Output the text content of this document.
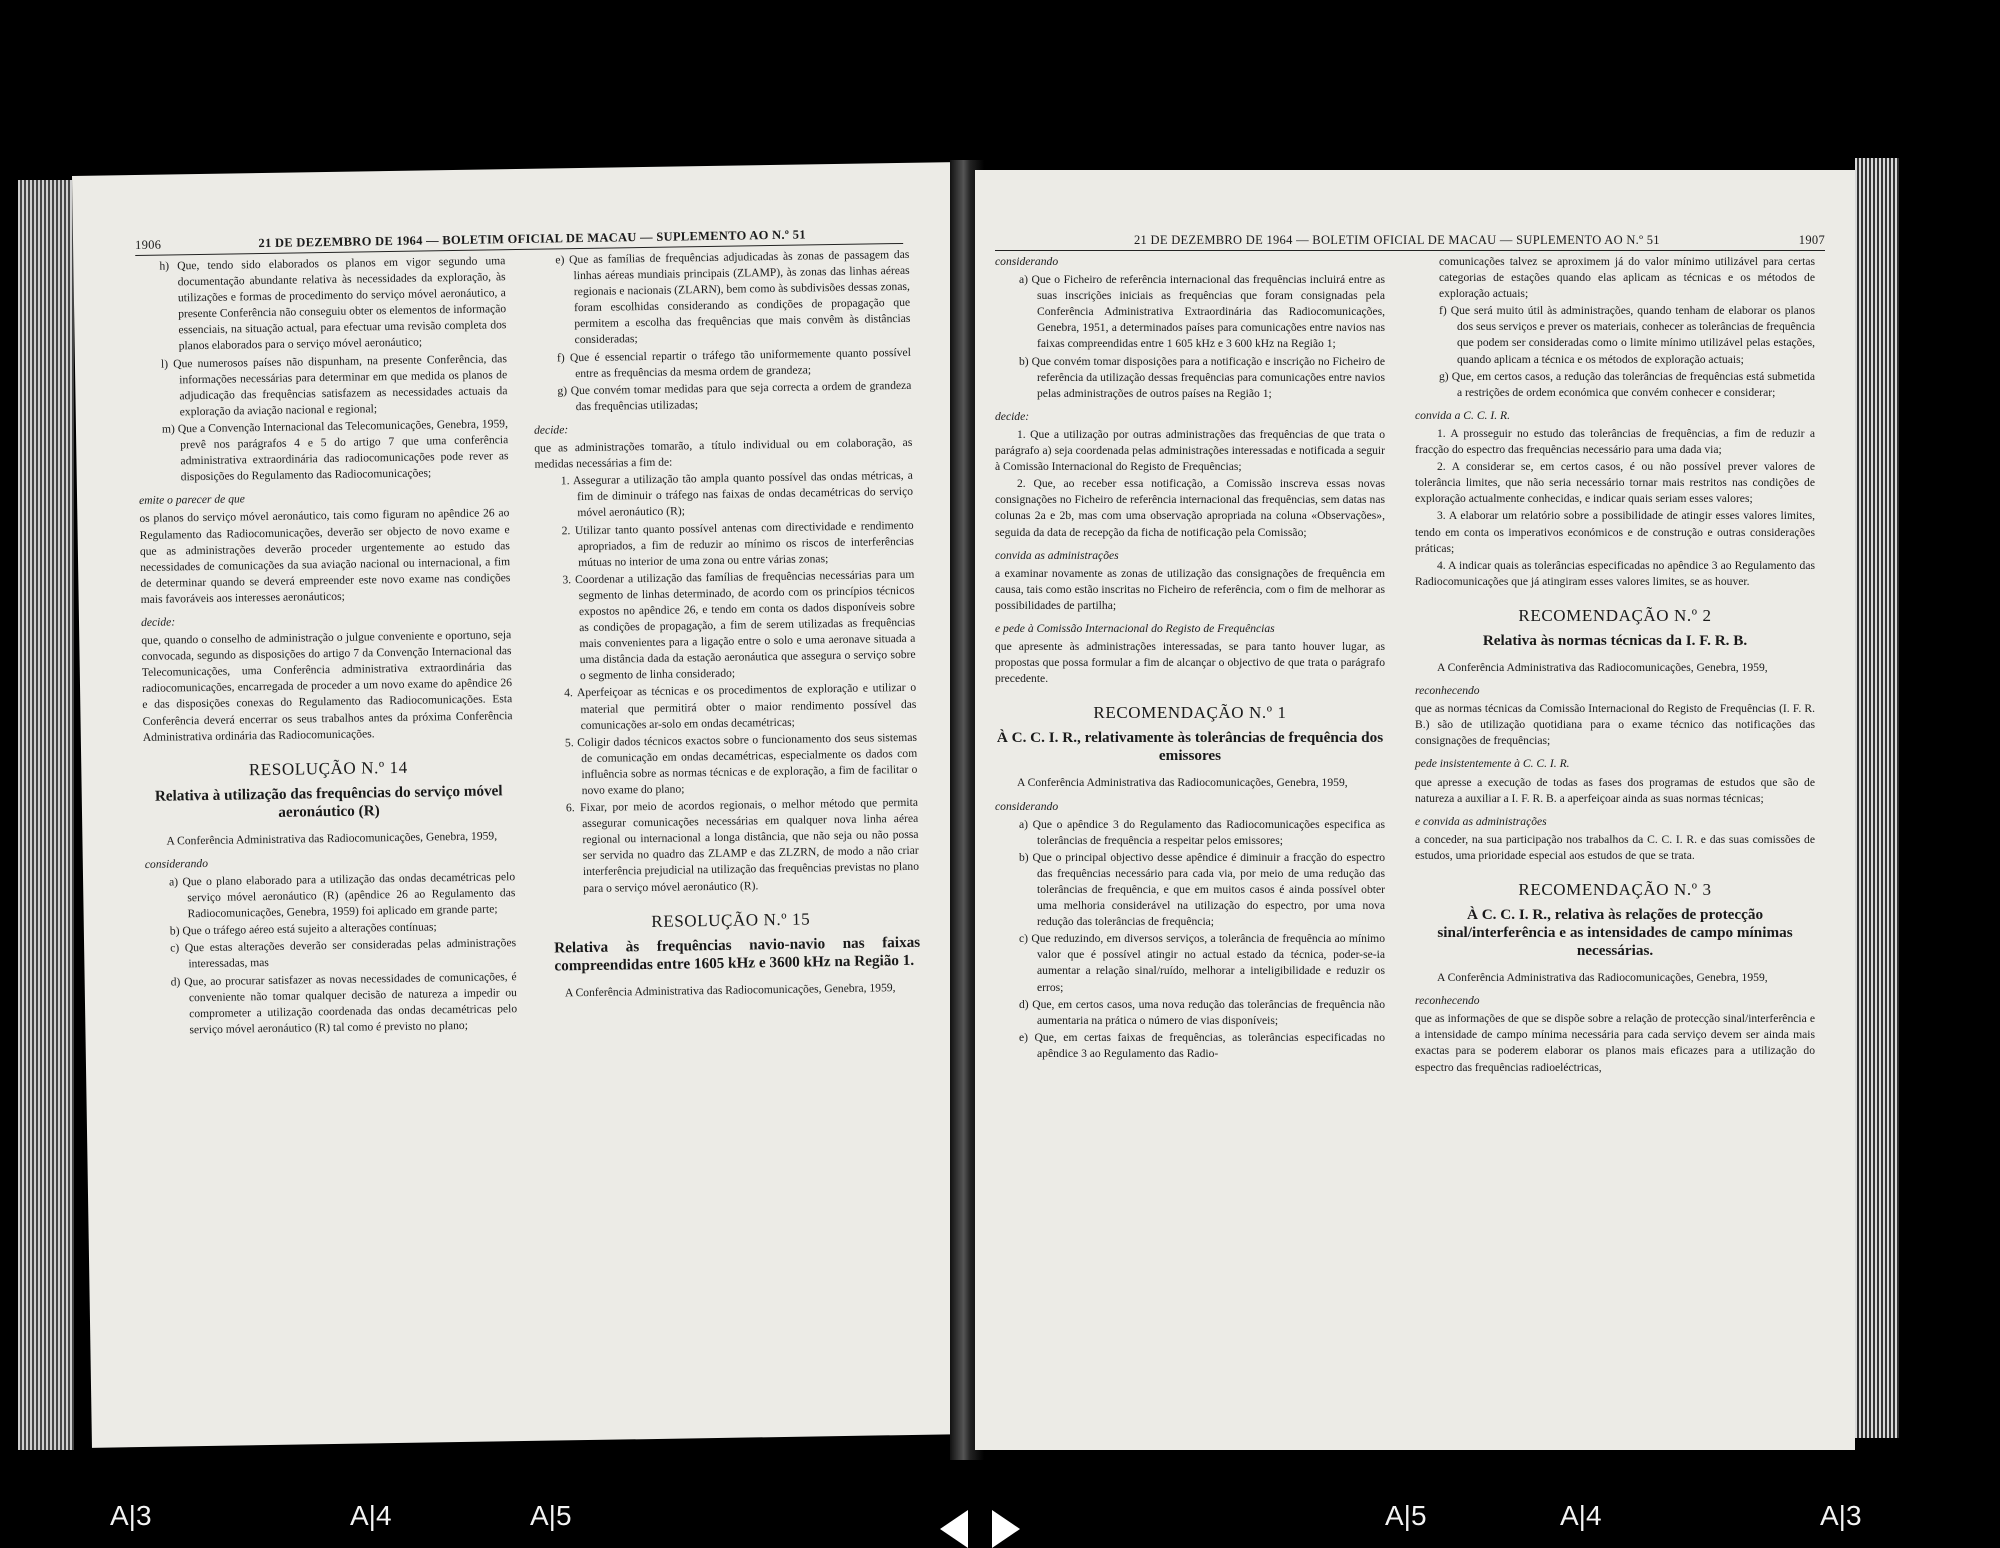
1906	21 DE DEZEMBRO DE 1964 — BOLETIM OFICIAL DE MACAU — SUPLEMENTO AO N.º 51

h) Que, tendo sido elaborados os planos em vigor segundo uma documentação abundante relativa às necessidades da exploração, às utilizações e formas de procedimento do serviço móvel aeronáutico, a presente Conferência não conseguiu obter os elementos de informação essenciais, na situação actual, para efectuar uma revisão completa dos planos elaborados para o serviço móvel aeronáutico;

l) Que numerosos países não dispunham, na presente Conferência, das informações necessárias para determinar em que medida os planos de adjudicação das frequências satisfazem as necessidades actuais da exploração da aviação nacional e regional;

m) Que a Convenção Internacional das Telecomunicações, Genebra, 1959, prevê nos parágrafos 4 e 5 do artigo 7 que uma conferência administrativa extraordinária das radiocomunicações pode rever as disposições do Regulamento das Radiocomunicações;

emite o parecer de que

os planos do serviço móvel aeronáutico, tais como figuram no apêndice 26 ao Regulamento das Radiocomunicações, deverão ser objecto de novo exame e que as administrações deverão proceder urgentemente ao estudo das necessidades de comunicações da sua aviação nacional ou internacional, a fim de determinar quando se deverá empreender este novo exame nas condições mais favoráveis aos interesses aeronáuticos;

decide:

que, quando o conselho de administração o julgue conveniente e oportuno, seja convocada, segundo as disposições do artigo 7 da Convenção Internacional das Telecomunicações, uma Conferência administrativa extraordinária das radiocomunicações, encarregada de proceder a um novo exame do apêndice 26 e das disposições conexas do Regulamento das Radiocomunicações. Esta Conferência deverá encerrar os seus trabalhos antes da próxima Conferência Administrativa ordinária das Radiocomunicações.

RESOLUÇÃO N.º 14

Relativa à utilização das frequências do serviço móvel aeronáutico (R)

A Conferência Administrativa das Radiocomunicações, Genebra, 1959,

considerando

a) Que o plano elaborado para a utilização das ondas decamétricas pelo serviço móvel aeronáutico (R) (apêndice 26 ao Regulamento das Radiocomunicações, Genebra, 1959) foi aplicado em grande parte;

b) Que o tráfego aéreo está sujeito a alterações contínuas;

c) Que estas alterações deverão ser consideradas pelas administrações interessadas, mas

d) Que, ao procurar satisfazer as novas necessidades de comunicações, é conveniente não tomar qualquer decisão de natureza a impedir ou comprometer a utilização coordenada das ondas decamétricas pelo serviço móvel aeronáutico (R) tal como é previsto no plano;

e) Que as famílias de frequências adjudicadas às zonas de passagem das linhas aéreas mundiais principais (ZLAMP), às zonas das linhas aéreas regionais e nacionais (ZLARN), bem como às subdivisões dessas zonas, foram escolhidas considerando as condições de propagação que permitem a escolha das frequências que mais convêm às distâncias consideradas;

f) Que é essencial repartir o tráfego tão uniformemente quanto possível entre as frequências da mesma ordem de grandeza;

g) Que convém tomar medidas para que seja correcta a ordem de grandeza das frequências utilizadas;

decide:

que as administrações tomarão, a título individual ou em colaboração, as medidas necessárias a fim de:

1. Assegurar a utilização tão ampla quanto possível das ondas métricas, a fim de diminuir o tráfego nas faixas de ondas decamétricas do serviço móvel aeronáutico (R);

2. Utilizar tanto quanto possível antenas com directividade e rendimento apropriados, a fim de reduzir ao mínimo os riscos de interferências mútuas no interior de uma zona ou entre várias zonas;

3. Coordenar a utilização das famílias de frequências necessárias para um segmento de linhas determinado, de acordo com os princípios técnicos expostos no apêndice 26, e tendo em conta os dados disponíveis sobre as condições de propagação, a fim de serem utilizadas as frequências mais convenientes para a ligação entre o solo e uma aeronave situada a uma distância dada da estação aeronáutica que assegura o serviço sobre o segmento de linha considerado;

4. Aperfeiçoar as técnicas e os procedimentos de exploração e utilizar o material que permitirá obter o maior rendimento possível das comunicações ar-solo em ondas decamétricas;

5. Coligir dados técnicos exactos sobre o funcionamento dos seus sistemas de comunicação em ondas decamétricas, especialmente os dados com influência sobre as normas técnicas e de exploração, a fim de facilitar o novo exame do plano;

6. Fixar, por meio de acordos regionais, o melhor método que permita assegurar comunicações necessárias em qualquer nova linha aérea regional ou internacional a longa distância, que não seja ou não possa ser servida no quadro das ZLAMP e das ZLZRN, de modo a não criar interferência prejudicial na utilização das frequências previstas no plano para o serviço móvel aeronáutico (R).

RESOLUÇÃO N.º 15

Relativa às frequências navio-navio nas faixas compreendidas entre 1605 kHz e 3600 kHz na Região 1.

A Conferência Administrativa das Radiocomunicações, Genebra, 1959,

21 DE DEZEMBRO DE 1964 — BOLETIM OFICIAL DE MACAU — SUPLEMENTO AO N.º 51	1907

considerando

a) Que o Ficheiro de referência internacional das frequências incluirá entre as suas inscrições iniciais as frequências que foram consignadas pela Conferência Administrativa Extraordinária das Radiocomunicações, Genebra, 1951, a determinados países para comunicações entre navios nas faixas compreendidas entre 1 605 kHz e 3 600 kHz na Região 1;

b) Que convém tomar disposições para a notificação e inscrição no Ficheiro de referência da utilização dessas frequências para comunicações entre navios pelas administrações de outros países na Região 1;

decide:

1. Que a utilização por outras administrações das frequências de que trata o parágrafo a) seja coordenada pelas administrações interessadas e notificada a seguir à Comissão Internacional do Registo de Frequências;

2. Que, ao receber essa notificação, a Comissão inscreva essas novas consignações no Ficheiro de referência internacional das frequências, sem datas nas colunas 2a e 2b, mas com uma observação apropriada na coluna «Observações», seguida da data de recepção da ficha de notificação pela Comissão;

convida as administrações

a examinar novamente as zonas de utilização das consignações de frequência em causa, tais como estão inscritas no Ficheiro de referência, com o fim de melhorar as possibilidades de partilha;

e pede à Comissão Internacional do Registo de Frequências

que apresente às administrações interessadas, se para tanto houver lugar, as propostas que possa formular a fim de alcançar o objectivo de que trata o parágrafo precedente.

RECOMENDAÇÃO N.º 1

À C. C. I. R., relativamente às tolerâncias de frequência dos emissores

A Conferência Administrativa das Radiocomunicações, Genebra, 1959,

considerando

a) Que o apêndice 3 do Regulamento das Radiocomunicações especifica as tolerâncias de frequência a respeitar pelos emissores;

b) Que o principal objectivo desse apêndice é diminuir a fracção do espectro das frequências necessário para cada via, por meio de uma redução das tolerâncias de frequência, e que em muitos casos é ainda possível obter uma melhoria considerável na utilização do espectro, por uma nova redução das tolerâncias de frequência;

c) Que reduzindo, em diversos serviços, a tolerância de frequência ao mínimo valor que é possível atingir no actual estado da técnica, poder-se-ia aumentar a relação sinal/ruído, melhorar a inteligibilidade e reduzir os erros;

d) Que, em certos casos, uma nova redução das tolerâncias de frequência não aumentaria na prática o número de vias disponíveis;

e) Que, em certas faixas de frequências, as tolerâncias especificadas no apêndice 3 ao Regulamento das Radio-

comunicações talvez se aproximem já do valor mínimo utilizável para certas categorias de estações quando elas aplicam as técnicas e os métodos de exploração actuais;

f) Que será muito útil às administrações, quando tenham de elaborar os planos dos seus serviços e prever os materiais, conhecer as tolerâncias de frequência que podem ser consideradas como o limite mínimo utilizável pelas estações, quando aplicam a técnica e os métodos de exploração actuais;

g) Que, em certos casos, a redução das tolerâncias de frequências está submetida a restrições de ordem económica que convém conhecer e considerar;

convida a C. C. I. R.

1. A prosseguir no estudo das tolerâncias de frequências, a fim de reduzir a fracção do espectro das frequências necessário para uma dada via;

2. A considerar se, em certos casos, é ou não possível prever valores de tolerância limites, que não seria necessário tornar mais restritos nas condições de exploração actualmente conhecidas, e indicar quais seriam esses valores;

3. A elaborar um relatório sobre a possibilidade de atingir esses valores limites, tendo em conta os imperativos económicos e de construção e outras considerações práticas;

4. A indicar quais as tolerâncias especificadas no apêndice 3 ao Regulamento das Radiocomunicações que já atingiram esses valores limites, se as houver.

RECOMENDAÇÃO N.º 2

Relativa às normas técnicas da I. F. R. B.

A Conferência Administrativa das Radiocomunicações, Genebra, 1959,

reconhecendo

que as normas técnicas da Comissão Internacional do Registo de Frequências (I. F. R. B.) são de utilização quotidiana para o exame técnico das notificações das consignações de frequências;

pede insistentemente à C. C. I. R.

que apresse a execução de todas as fases dos programas de estudos que são de natureza a auxiliar a I. F. R. B. a aperfeiçoar ainda as suas normas técnicas;

e convida as administrações

a conceder, na sua participação nos trabalhos da C. C. I. R. e das suas comissões de estudos, uma prioridade especial aos estudos de que se trata.

RECOMENDAÇÃO N.º 3

À C. C. I. R., relativa às relações de protecção sinal/interferência e as intensidades de campo mínimas necessárias.

A Conferência Administrativa das Radiocomunicações, Genebra, 1959,

reconhecendo

que as informações de que se dispõe sobre a relação de protecção sinal/interferência e a intensidade de campo mínima necessária para cada serviço devem ser ainda mais exactas para se poderem elaborar os planos mais eficazes para a utilização do espectro das frequências radioeléctricas,

A|3	A|4	A|5	A|5	A|4	A|3
